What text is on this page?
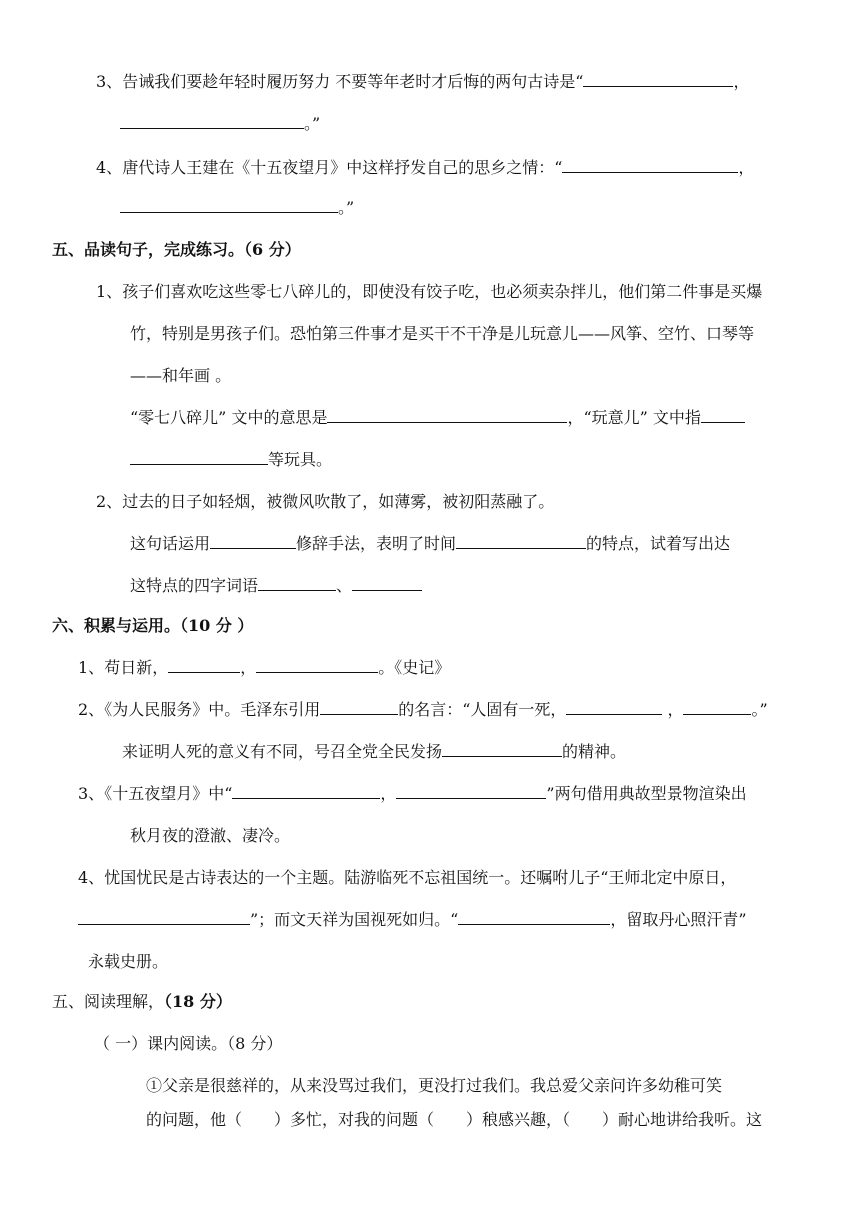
3、告诫我们要趁年轻时履历努力 不要等年老时才后悔的两句古诗是“	，
。”
4、唐代诗人王建在《十五夜望月》中这样抒发自己的思乡之情：“	，
。”
五、品读句子，完成练习。（6 分）
1、孩子们喜欢吃这些零七八碎儿的，即使没有饺子吃，也必须卖杂拌儿，他们第二件事是买爆
竹，特别是男孩子们。恐怕第三件事才是买干不干净是儿玩意儿——风筝、空竹、口琴等
——和年画 。
“零七八碎儿” 文中的意思是	，“玩意儿” 文中指
等玩具。
2、过去的日子如轻烟，被微风吹散了，如薄雾，被初阳蒸融了。
这句话运用	修辞手法，表明了时间	的特点，试着写出达
这特点的四字词语	、
六、积累与运用。（10 分 ）
1、苟日新，	，	。《史记》
2、《为人民服务》中。毛泽东引用	的名言：“人固有一死，	，	。”
来证明人死的意义有不同，号召全党全民发扬	的精神。
3、《十五夜望月》中“	，	”两句借用典故型景物渲染出
秋月夜的澄澈、凄冷。
4、忧国忧民是古诗表达的一个主题。陆游临死不忘祖国统一。还嘱咐儿子“王师北定中原日，
”；而文天祥为国视死如归。“	，留取丹心照汗青”
永载史册。
五、阅读理解，（18 分）
（ 一）课内阅读。（8 分）
①父亲是很慈祥的，从来没骂过我们，更没打过我们。我总爱父亲问许多幼稚可笑
的问题，他（ ）多忙，对我的问题（ ）稂感兴趣，（ ）耐心地讲给我听。这
